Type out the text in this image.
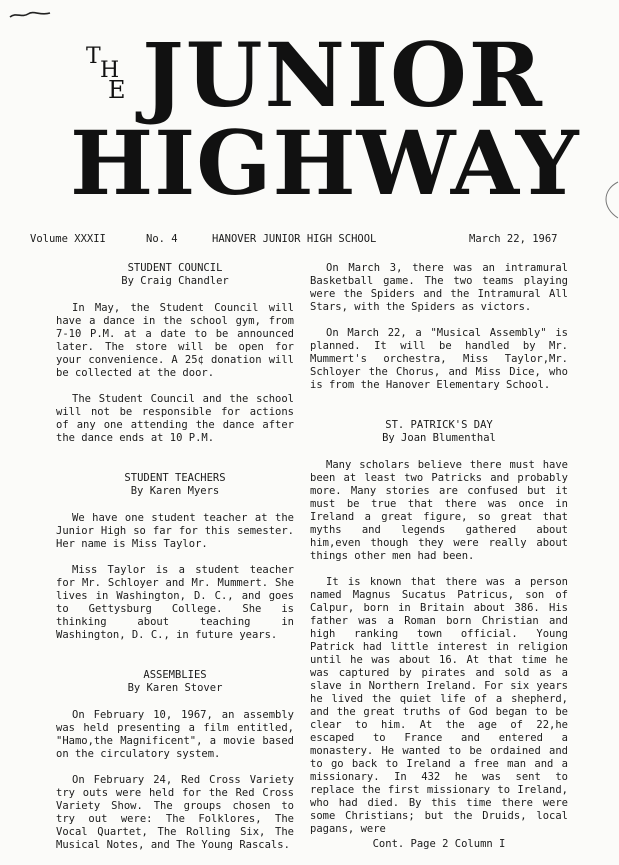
T
H
E JUNIOR
HIGHWAY
Volume XXXII	No. 4	HANOVER JUNIOR HIGH SCHOOL	March 22, 1967

STUDENT COUNCIL

By Craig Chandler

In May, the Student Council will have a dance in the school gym, from 7-10 P.M. at a date to be announced later. The store will be open for your convenience. A 25¢ donation will be collected at the door.

The Student Council and the school will not be responsible for actions of any one attending the dance after the dance ends at 10 P.M.

STUDENT TEACHERS

By Karen Myers

We have one student teacher at the Junior High so far for this semester. Her name is Miss Taylor.

Miss Taylor is a student teacher for Mr. Schloyer and Mr. Mummert. She lives in Washington, D. C., and goes to Gettysburg College. She is thinking about teaching in Washington, D. C., in future years.

ASSEMBLIES

By Karen Stover

On February 10, 1967, an assembly was held presenting a film entitled, "Hamo,the Magnificent", a movie based on the circulatory system.

On February 24, Red Cross Variety try outs were held for the Red Cross Variety Show. The groups chosen to try out were: The Folklores, The Vocal Quartet, The Rolling Six, The Musical Notes, and The Young Rascals.

On March 3, there was an intramural Basketball game. The two teams playing were the Spiders and the Intramural All Stars, with the Spiders as victors.

On March 22, a "Musical Assembly" is planned. It will be handled by Mr. Mummert's orchestra, Miss Taylor,Mr. Schloyer the Chorus, and Miss Dice, who is from the Hanover Elementary School.

ST. PATRICK'S DAY

By Joan Blumenthal

Many scholars believe there must have been at least two Patricks and probably more. Many stories are confused but it must be true that there was once in Ireland a great figure, so great that myths and legends gathered about him,even though they were really about things other men had been.

It is known that there was a person named Magnus Sucatus Patricus, son of Calpur, born in Britain about 386. His father was a Roman born Christian and high ranking town official. Young Patrick had little interest in religion until he was about 16. At that time he was captured by pirates and sold as a slave in Northern Ireland. For six years he lived the quiet life of a shepherd, and the great truths of God began to be clear to him. At the age of 22,he escaped to France and entered a monastery. He wanted to be ordained and to go back to Ireland a free man and a missionary. In 432 he was sent to replace the first missionary to Ireland, who had died. By this time there were some Christians; but the Druids, local pagans, were

Cont. Page 2 Column I
